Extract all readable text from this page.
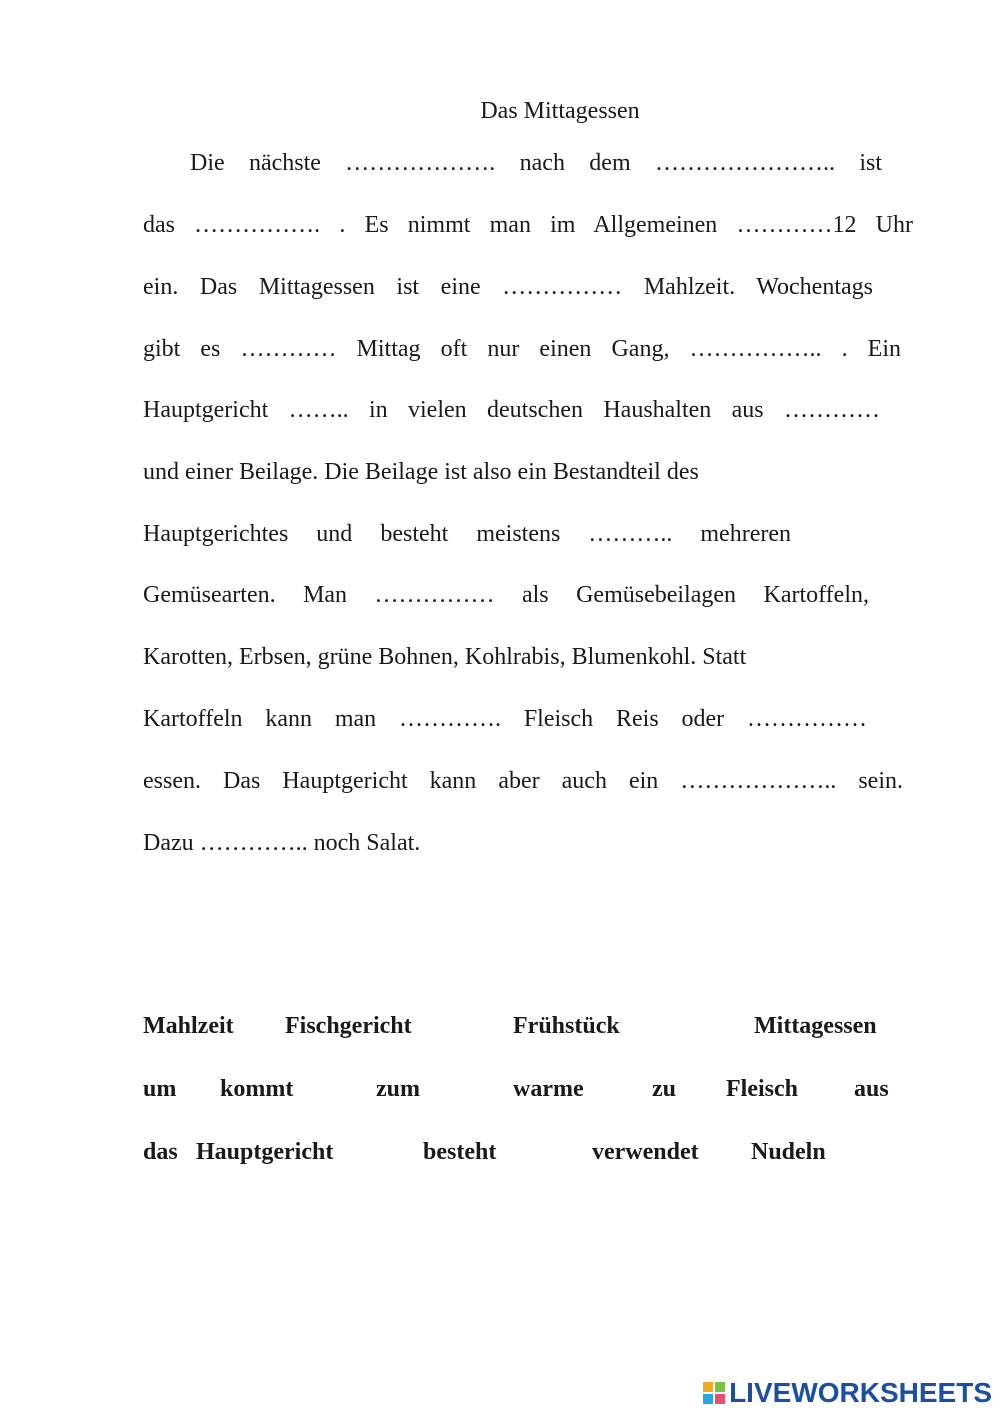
Das Mittagessen
Die nächste ………………. nach dem ………………….. ist
das ……………. . Es nimmt man im Allgemeinen …………12 Uhr
ein. Das Mittagessen ist eine …………… Mahlzeit. Wochentags
gibt es ………… Mittag oft nur einen Gang, …………….. . Ein
Hauptgericht …….. in vielen deutschen Haushalten aus …………
und einer Beilage. Die Beilage ist also ein Bestandteil des
Hauptgerichtes und besteht meistens ……….. mehreren
Gemüsearten. Man …………… als Gemüsebeilagen Kartoffeln,
Karotten, Erbsen, grüne Bohnen, Kohlrabis, Blumenkohl. Statt
Kartoffeln kann man …………. Fleisch Reis oder ……………
essen. Das Hauptgericht kann aber auch ein ……………….. sein.
Dazu ………….. noch Salat.
Mahlzeit Fischgericht	Frühstück	Mittagessen
um kommt	zum	warme	zu Fleisch aus
das Hauptgericht	besteht	verwendet Nudeln
LIVEWORKSHEETS
